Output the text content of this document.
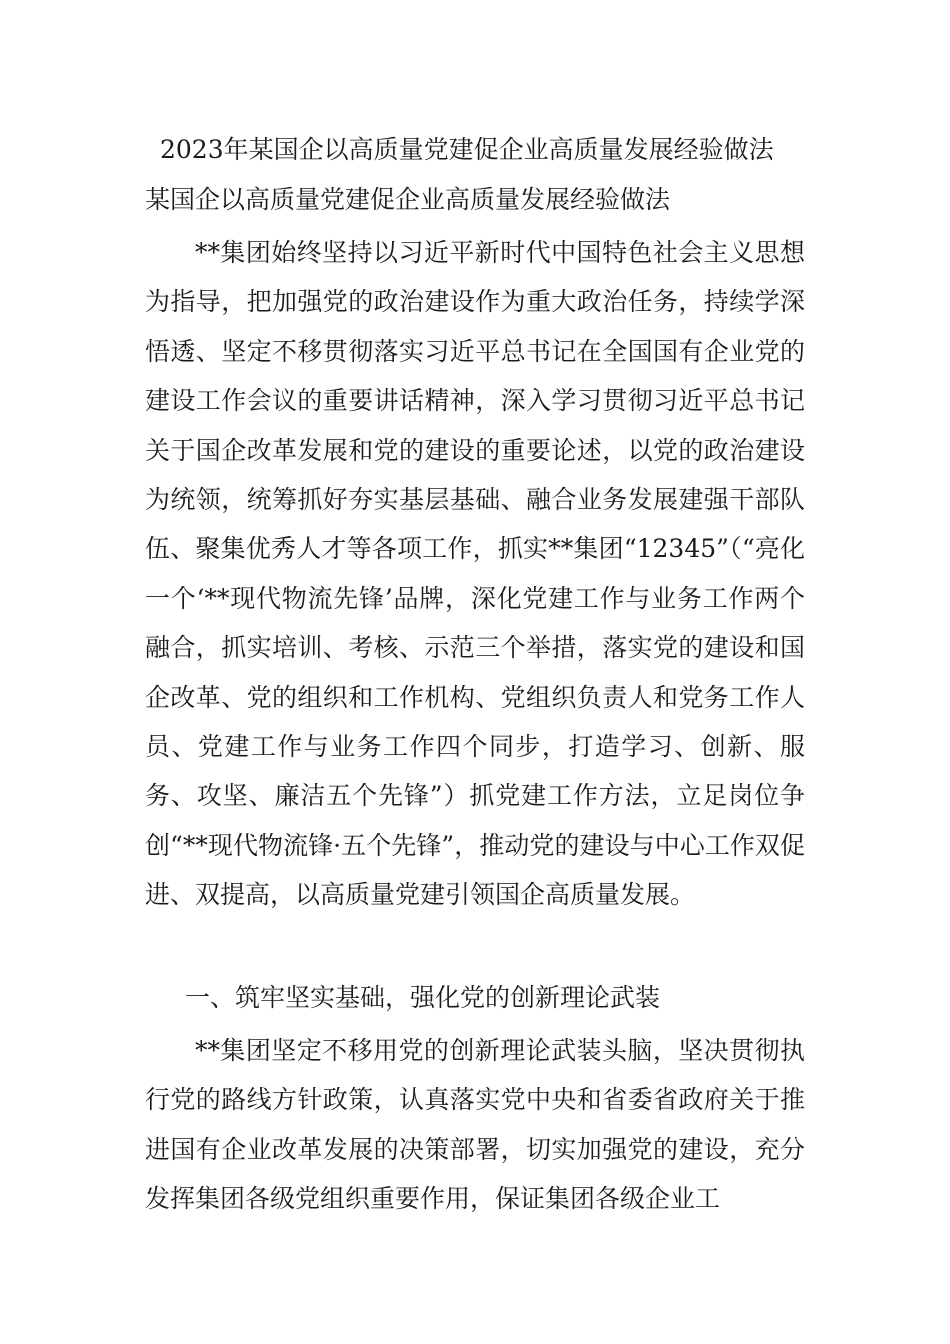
2023年某国企以高质量党建促企业高质量发展经验做法
某国企以高质量党建促企业高质量发展经验做法

**集团始终坚持以习近平新时代中国特色社会主义思想为指导，把加强党的政治建设作为重大政治任务，持续学深悟透、坚定不移贯彻落实习近平总书记在全国国有企业党的建设工作会议的重要讲话精神，深入学习贯彻习近平总书记关于国企改革发展和党的建设的重要论述，以党的政治建设为统领，统筹抓好夯实基层基础、融合业务发展建强干部队伍、聚集优秀人才等各项工作，抓实**集团“12345”（“亮化一个‘**现代物流先锋’品牌，深化党建工作与业务工作两个融合，抓实培训、考核、示范三个举措，落实党的建设和国企改革、党的组织和工作机构、党组织负责人和党务工作人员、党建工作与业务工作四个同步，打造学习、创新、服务、攻坚、廉洁五个先锋”）抓党建工作方法，立足岗位争创“**现代物流锋·五个先锋”，推动党的建设与中心工作双促进、双提高，以高质量党建引领国企高质量发展。

一、筑牢坚实基础，强化党的创新理论武装

**集团坚定不移用党的创新理论武装头脑，坚决贯彻执行党的路线方针政策，认真落实党中央和省委省政府关于推进国有企业改革发展的决策部署，切实加强党的建设，充分发挥集团各级党组织重要作用，保证集团各级企业工
